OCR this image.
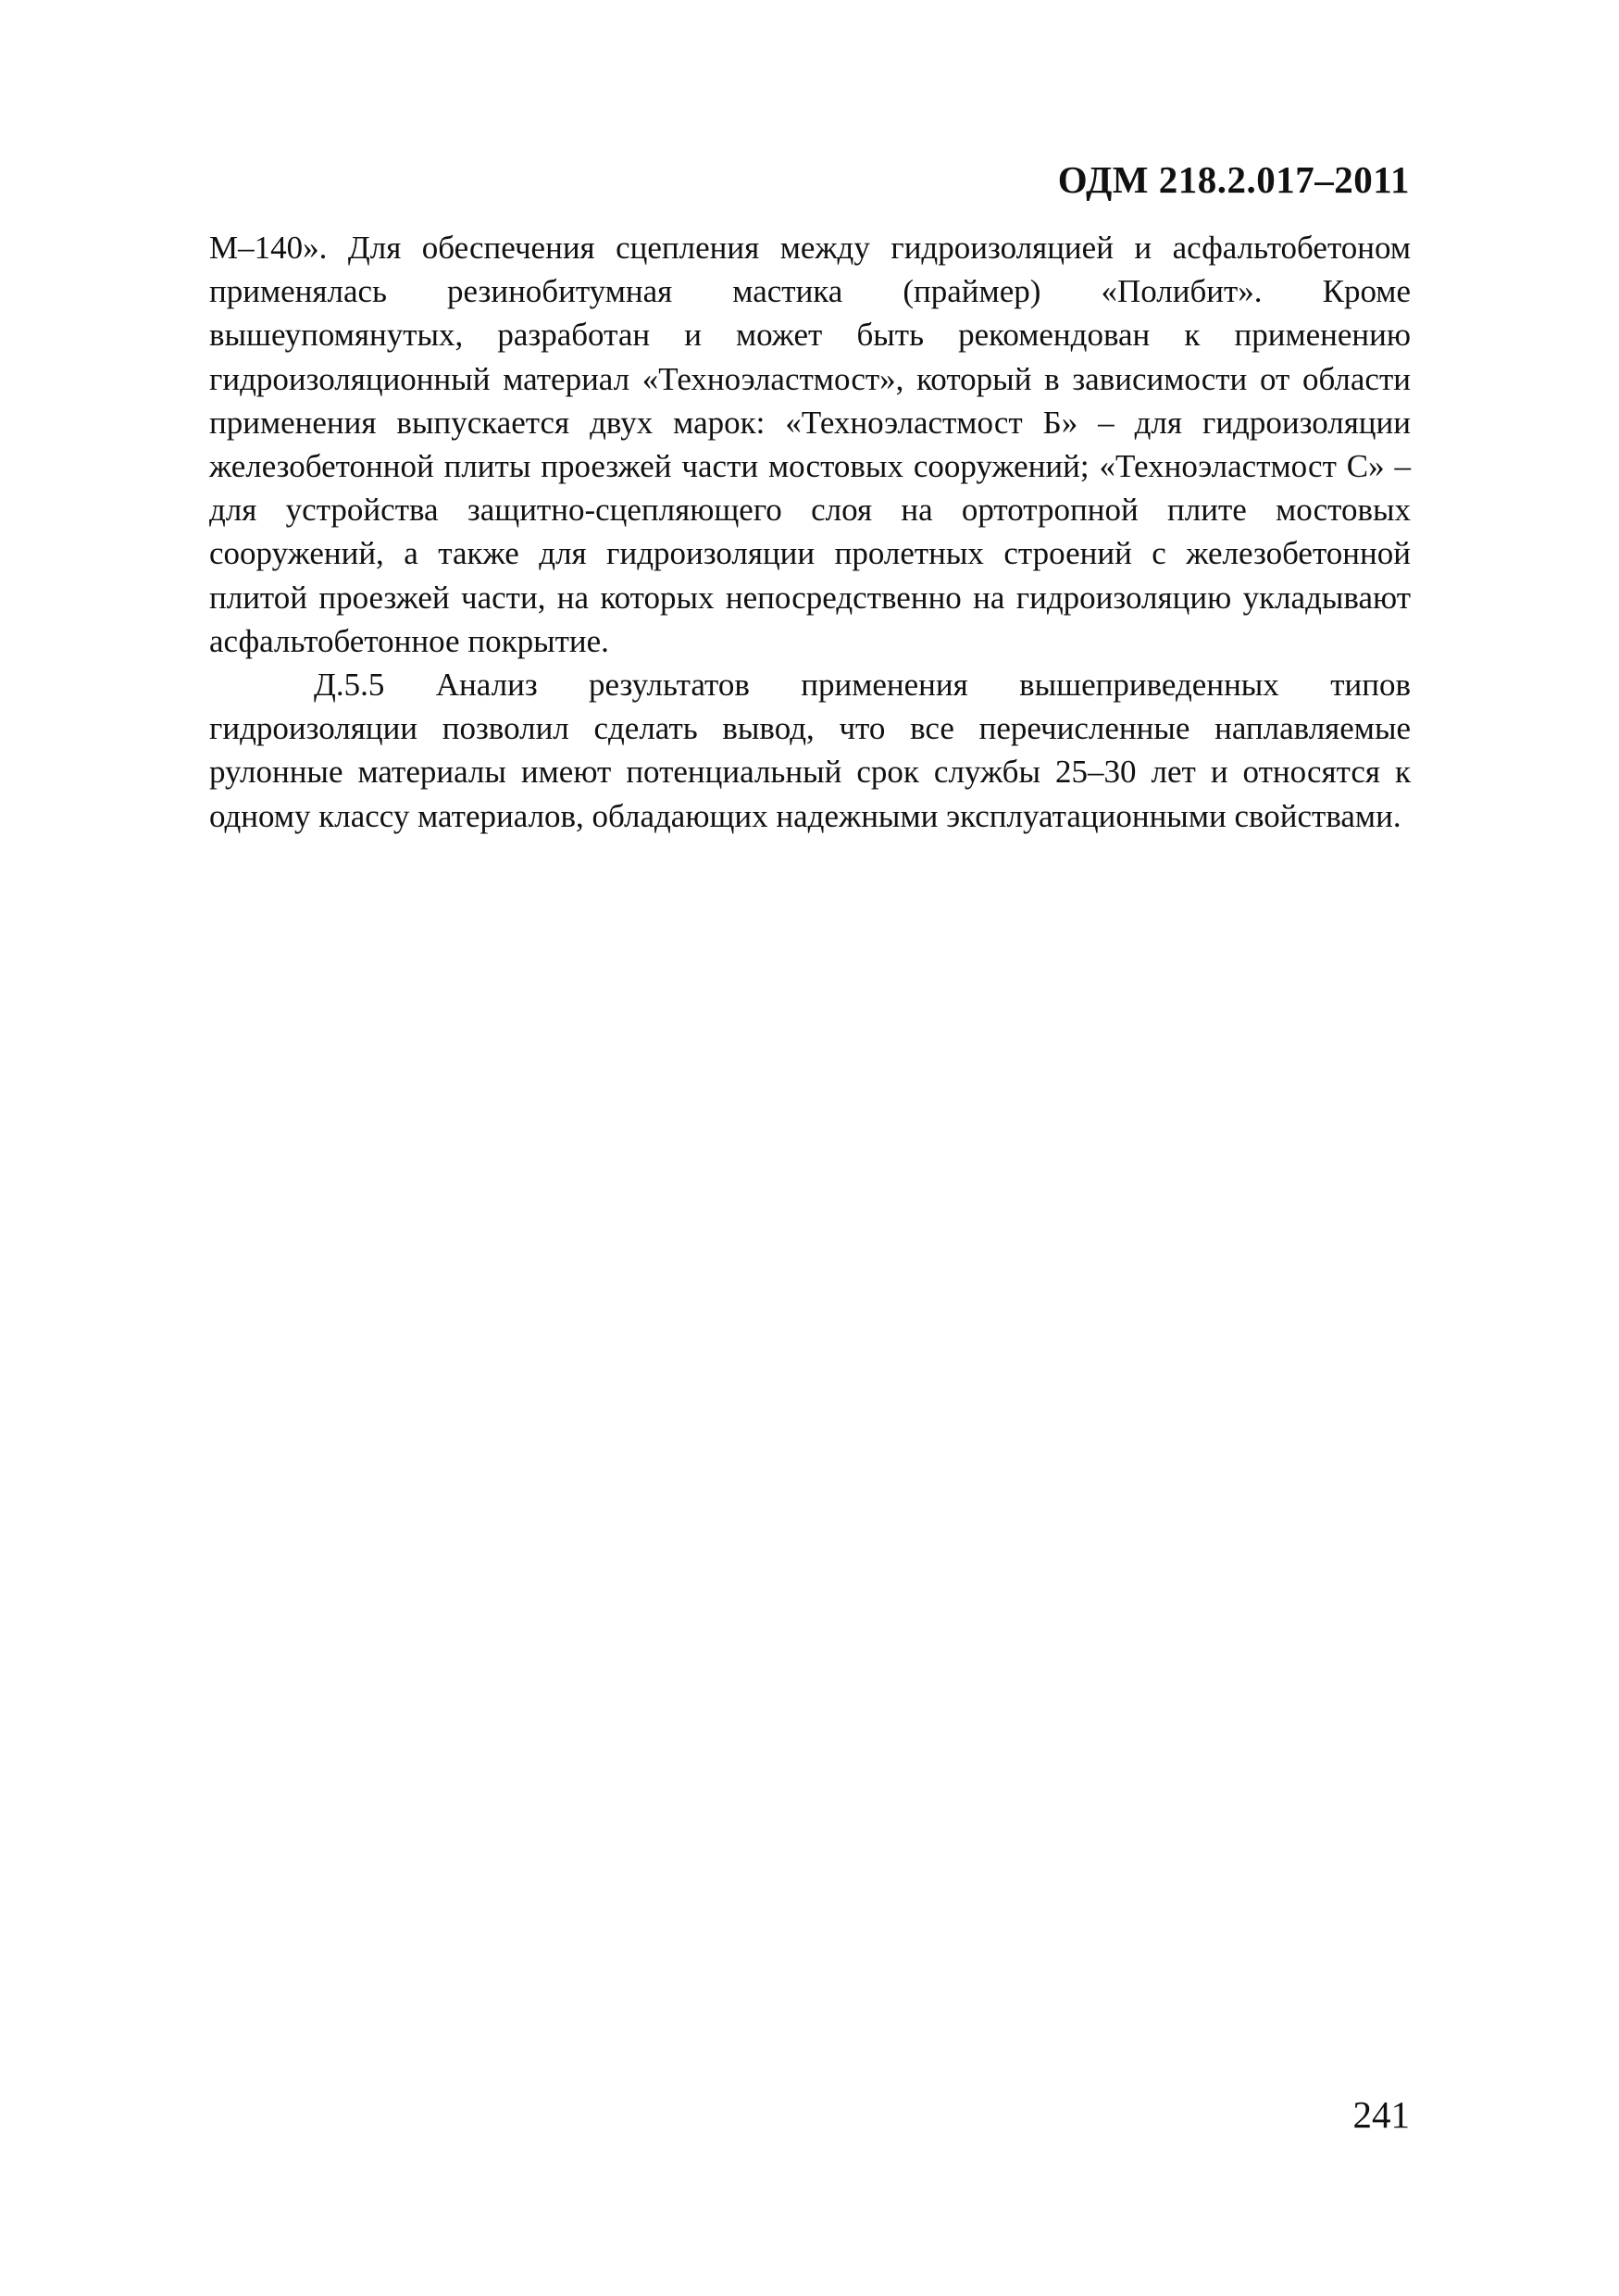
ОДМ 218.2.017–2011

М–140». Для обеспечения сцепления между гидроизоляцией и асфальтобетоном применялась резинобитумная мастика (праймер) «Полибит». Кроме вышеупомянутых, разработан и может быть рекомендован к применению гидроизоляционный материал «Техноэластмост», который в зависимости от области применения выпускается двух марок: «Техноэластмост Б» – для гидроизоляции железобетонной плиты проезжей части мостовых сооружений; «Техноэластмост С» – для устройства защитно-сцепляющего слоя на ортотропной плите мостовых сооружений, а также для гидроизоляции пролетных строений с железобетонной плитой проезжей части, на которых непосредственно на гидроизоляцию укладывают асфальтобетонное покрытие.

Д.5.5 Анализ результатов применения вышеприведенных типов гидроизоляции позволил сделать вывод, что все перечисленные наплавляемые рулонные материалы имеют потенциальный срок службы 25–30 лет и относятся к одному классу материалов, обладающих надежными эксплуатационными свойствами.

241
